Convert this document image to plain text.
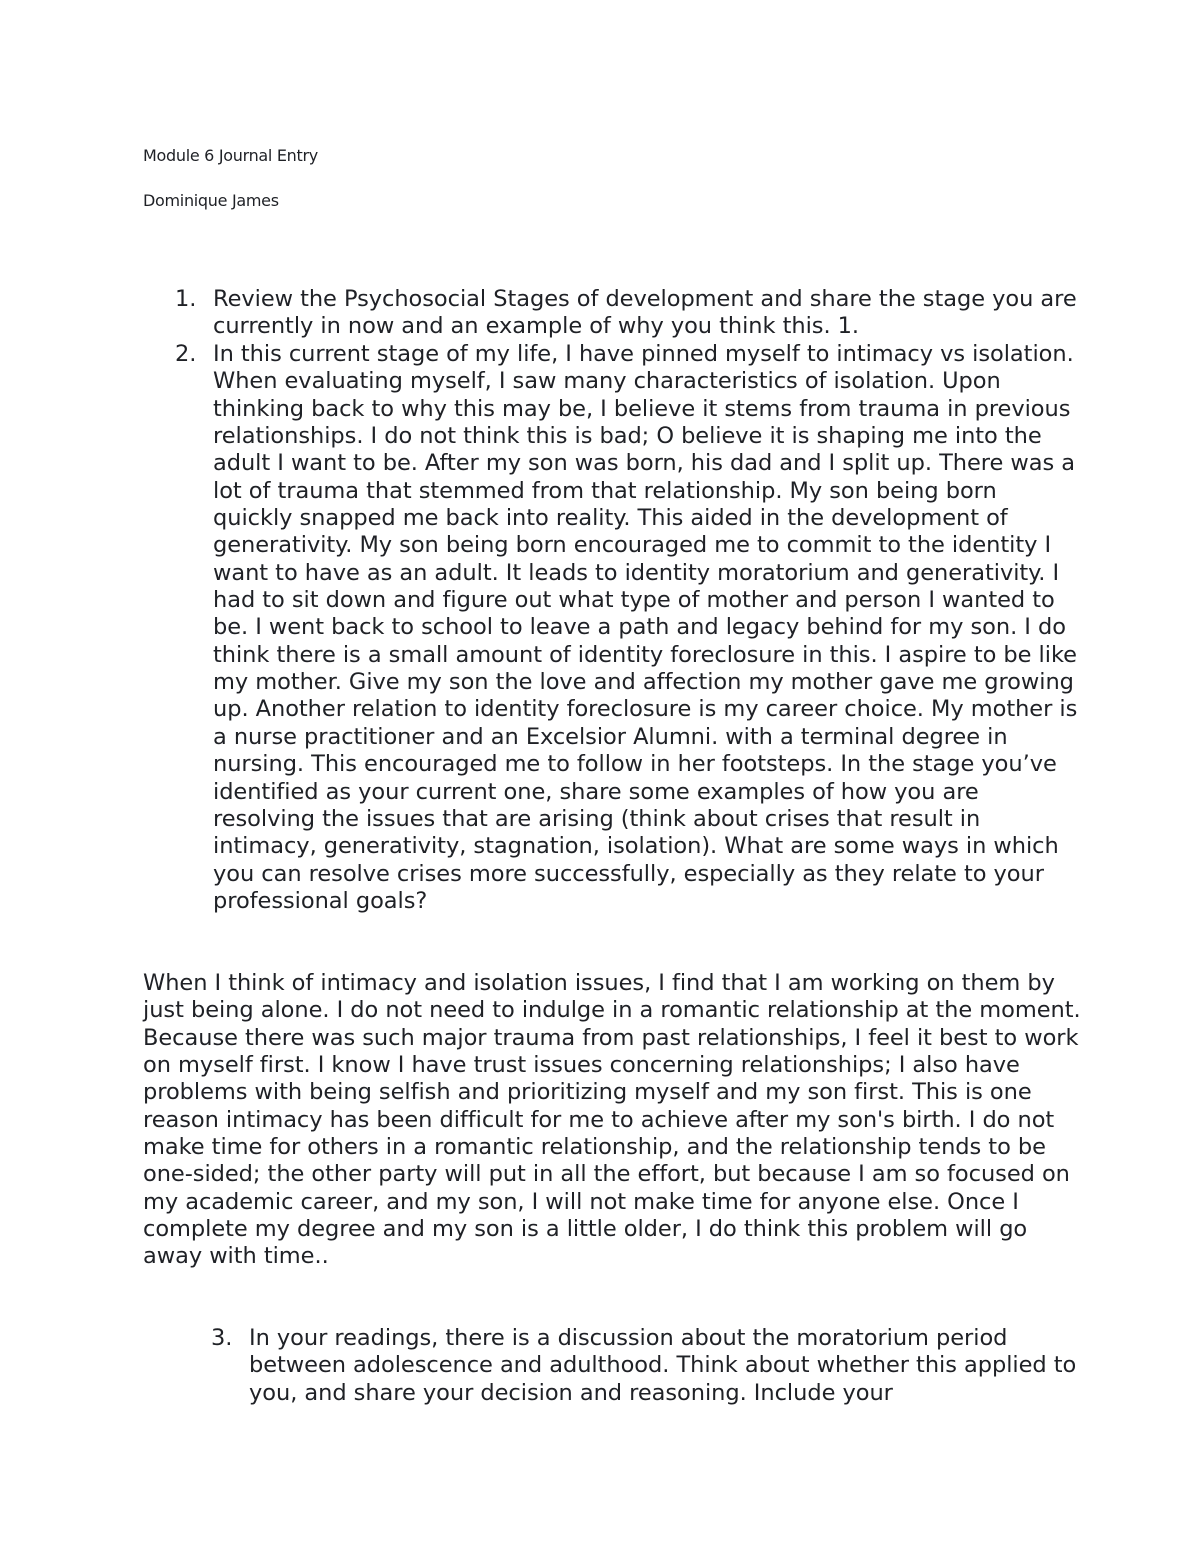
Module 6 Journal Entry
Dominique James
1. Review the Psychosocial Stages of development and share the stage you are currently in now and an example of why you think this. 1.
2. In this current stage of my life, I have pinned myself to intimacy vs isolation. When evaluating myself, I saw many characteristics of isolation. Upon thinking back to why this may be, I believe it stems from trauma in previous relationships. I do not think this is bad; O believe it is shaping me into the adult I want to be. After my son was born, his dad and I split up. There was a lot of trauma that stemmed from that relationship. My son being born quickly snapped me back into reality. This aided in the development of generativity. My son being born encouraged me to commit to the identity I want to have as an adult. It leads to identity moratorium and generativity. I had to sit down and figure out what type of mother and person I wanted to be. I went back to school to leave a path and legacy behind for my son. I do think there is a small amount of identity foreclosure in this. I aspire to be like my mother. Give my son the love and affection my mother gave me growing up. Another relation to identity foreclosure is my career choice. My mother is a nurse practitioner and an Excelsior Alumni. with a terminal degree in nursing. This encouraged me to follow in her footsteps. In the stage you’ve identified as your current one, share some examples of how you are resolving the issues that are arising (think about crises that result in intimacy, generativity, stagnation, isolation). What are some ways in which you can resolve crises more successfully, especially as they relate to your professional goals?
When I think of intimacy and isolation issues, I find that I am working on them by just being alone. I do not need to indulge in a romantic relationship at the moment. Because there was such major trauma from past relationships, I feel it best to work on myself first. I know I have trust issues concerning relationships; I also have problems with being selfish and prioritizing myself and my son first. This is one reason intimacy has been difficult for me to achieve after my son's birth. I do not make time for others in a romantic relationship, and the relationship tends to be one-sided; the other party will put in all the effort, but because I am so focused on my academic career, and my son, I will not make time for anyone else. Once I complete my degree and my son is a little older, I do think this problem will go away with time..
3. In your readings, there is a discussion about the moratorium period between adolescence and adulthood. Think about whether this applied to you, and share your decision and reasoning. Include your
